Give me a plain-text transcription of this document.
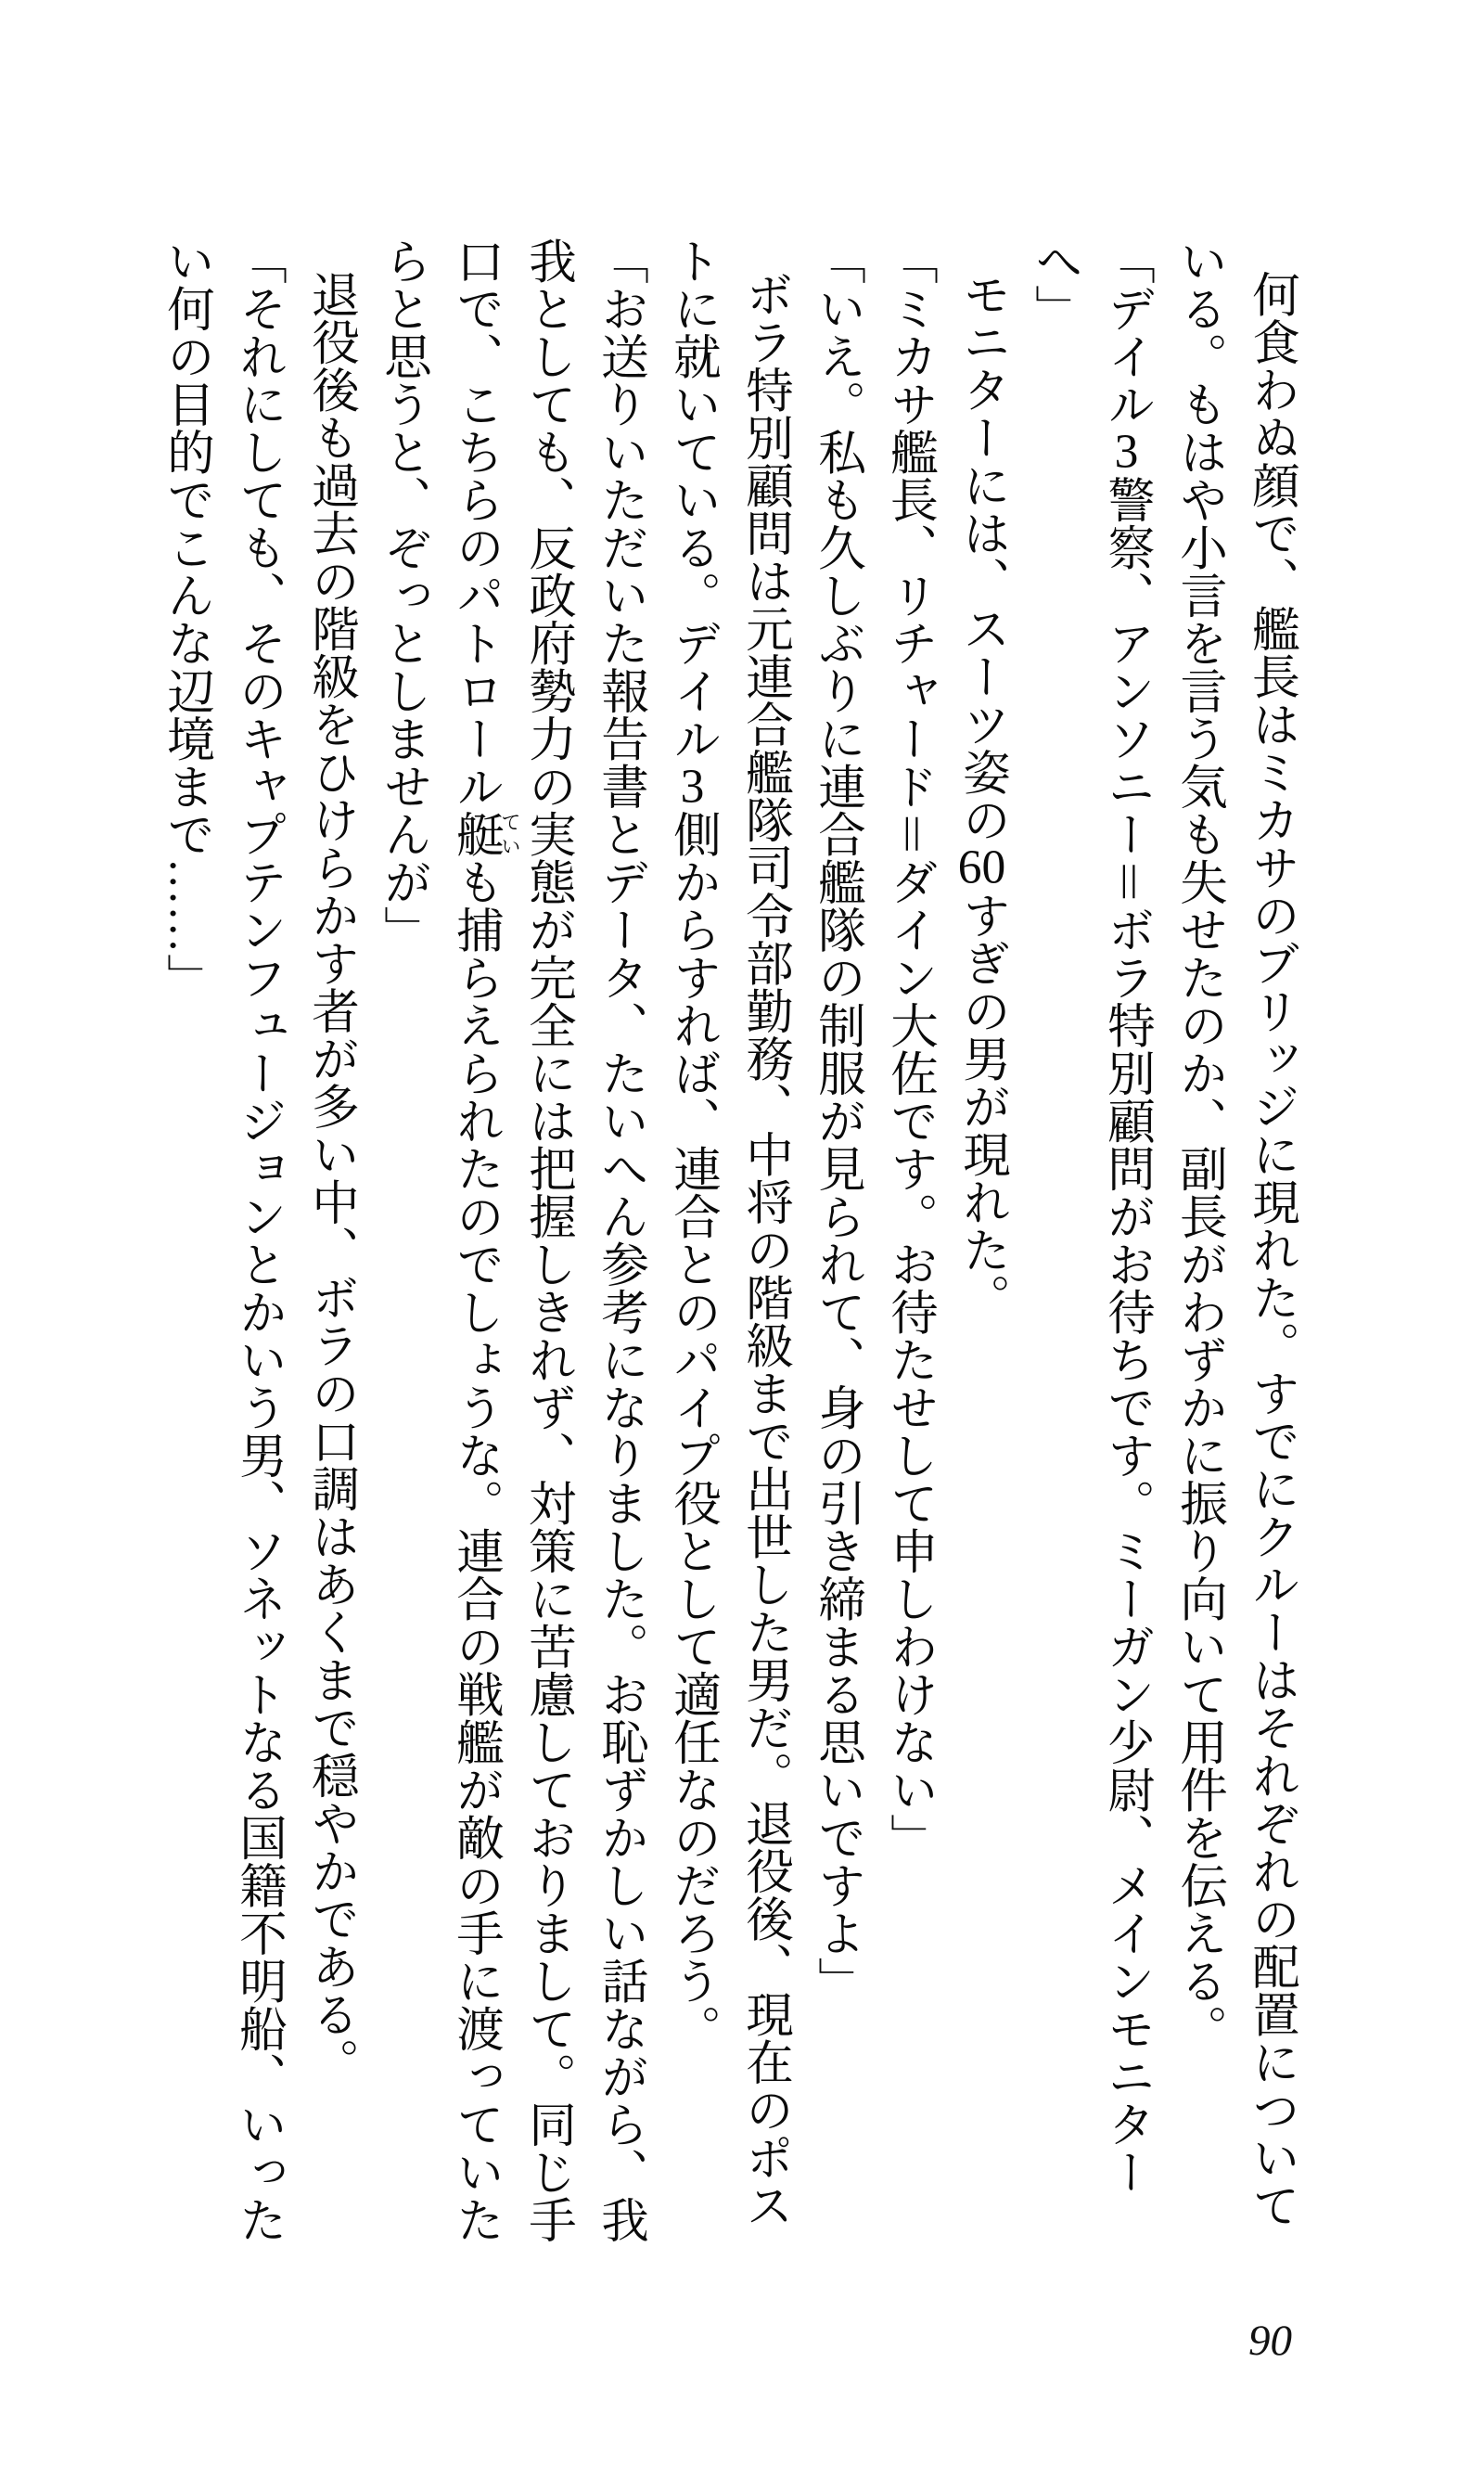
何食わぬ顔で、艦長はミカサのブリッジに現れた。すでにクルーはそれぞれの配置についている。もはや小言を言う気も失せたのか、副長がわずかに振り向いて用件を伝える。

「デイル3警察、アンソニー＝ボラ特別顧問がお待ちです。ミーガン少尉、メインモニターへ」

モニターには、スーツ姿の60すぎの男が現れた。

「ミカサ艦長、リチャード＝ダイン大佐です。お待たせして申しわけない」

「いえ。私も久しぶりに連合艦隊の制服が見られて、身の引き締まる思いですよ」

ボラ特別顧問は元連合艦隊司令部勤務、中将の階級まで出世した男だ。退役後、現在のポストに就いている。デイル3側からすれば、連合とのパイプ役として適任なのだろう。

「お送りいただいた報告書とデータ、たいへん参考になりました。お恥ずかしい話ながら、我我としても、反政府勢力の実態が完全には把握しきれず、対策に苦慮しておりまして。同じ手口で、こちらのパトロール艇ていも捕らえられたのでしょうな。連合の戦艦が敵の手に渡っていたらと思うと、ぞっとしませんが」

退役後も過去の階級をひけらかす者が多い中、ボラの口調はあくまで穏やかである。

「それにしても、そのキャプテンフュージョンとかいう男、ソネットなる国籍不明船、いったい何の目的でこんな辺境まで……」

90
